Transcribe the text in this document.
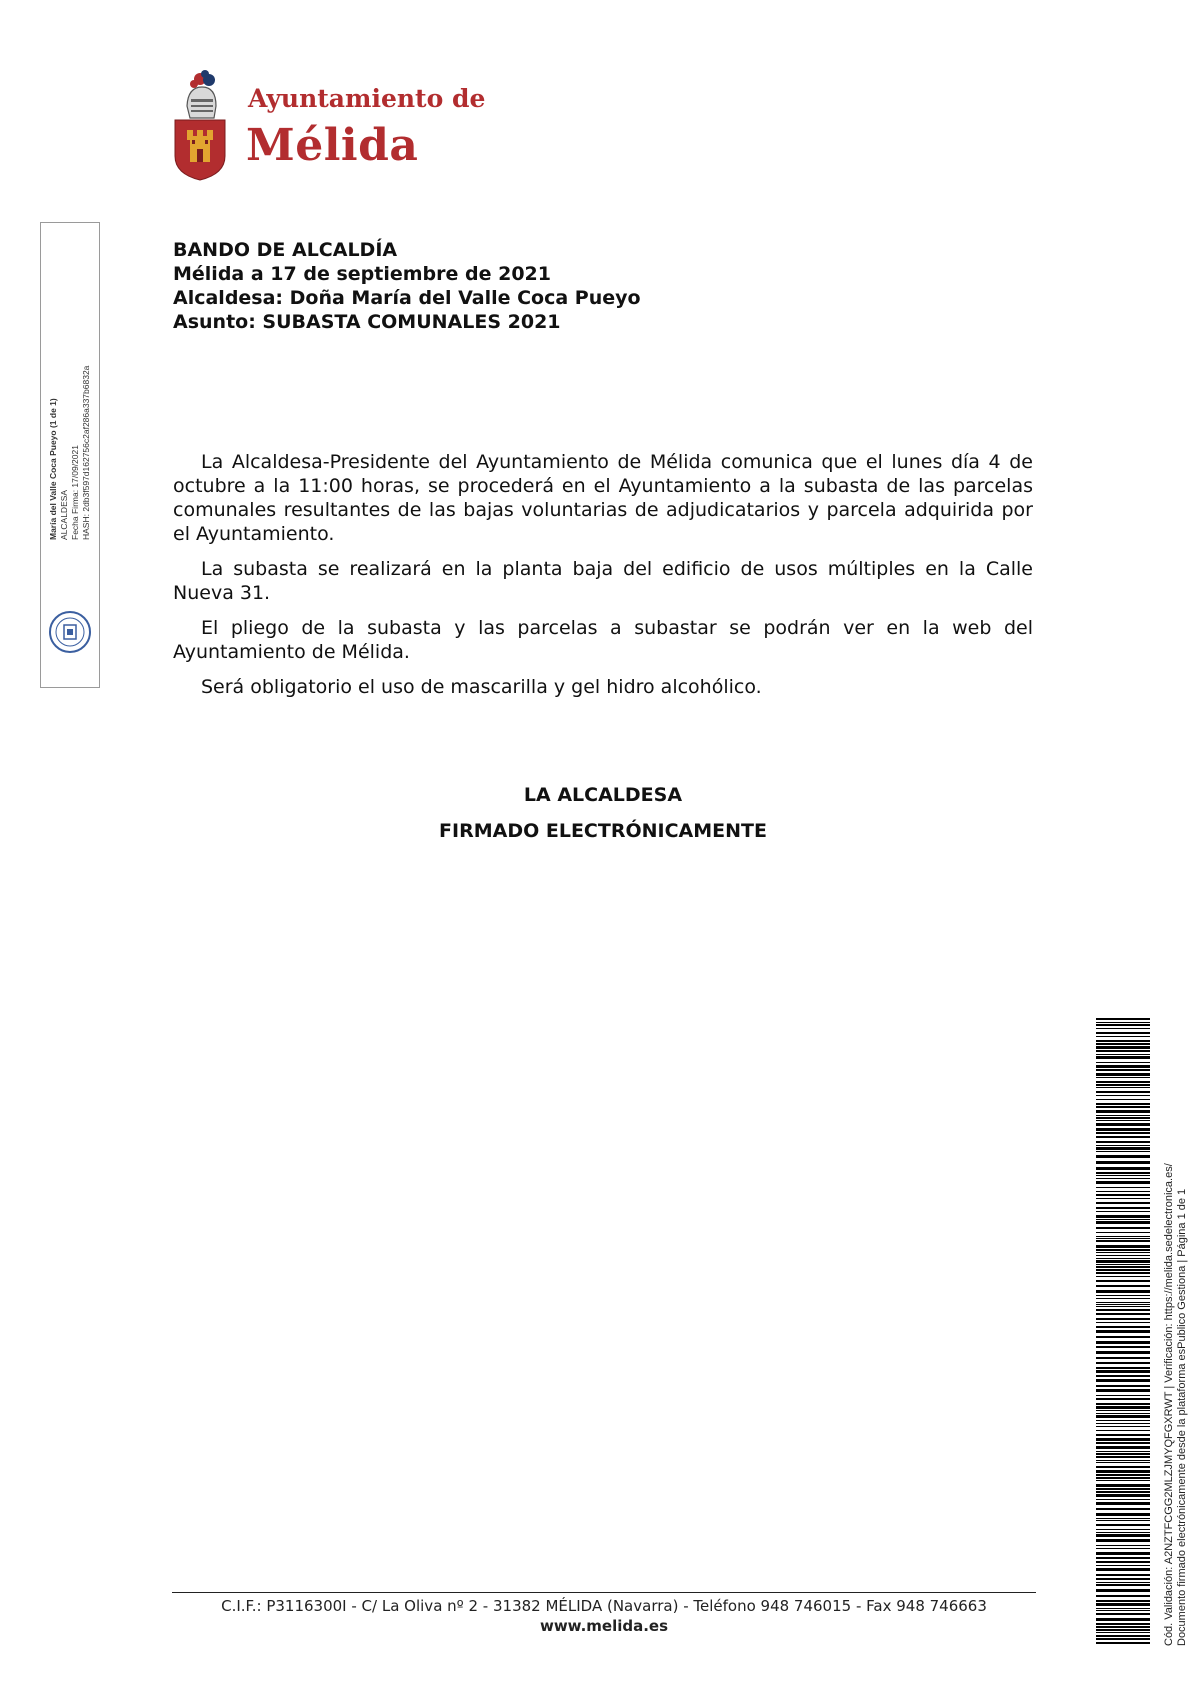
Ayuntamiento de
Mélida
BANDO DE ALCALDÍA
Mélida a 17 de septiembre de 2021
Alcaldesa: Doña María del Valle Coca Pueyo
Asunto: SUBASTA COMUNALES 2021

La Alcaldesa-Presidente del Ayuntamiento de Mélida comunica que el lunes día 4 de octubre a la 11:00 horas, se procederá en el Ayuntamiento a la subasta de las parcelas comunales resultantes de las bajas voluntarias de adjudicatarios y parcela adquirida por el Ayuntamiento.

La subasta se realizará en la planta baja del edificio de usos múltiples en la Calle Nueva 31.

El pliego de la subasta y las parcelas a subastar se podrán ver en la web del Ayuntamiento de Mélida.

Será obligatorio el uso de mascarilla y gel hidro alcohólico.

LA ALCALDESA
FIRMADO ELECTRÓNICAMENTE
María del Valle Coca Pueyo (1 de 1) ALCALDESA Fecha Firma: 17/09/2021 HASH: 2db3f597d162756c2af286a337b6832a
Cód. Validación: A2NZTFCGG2MLZJMYQFGXRWT | Verificación: https://melida.sedelectronica.es/ Documento firmado electrónicamente desde la plataforma esPublico Gestiona | Página 1 de 1
C.I.F.: P3116300I - C/ La Oliva nº 2 - 31382 MÉLIDA (Navarra) - Teléfono 948 746015 - Fax 948 746663
www.melida.es
